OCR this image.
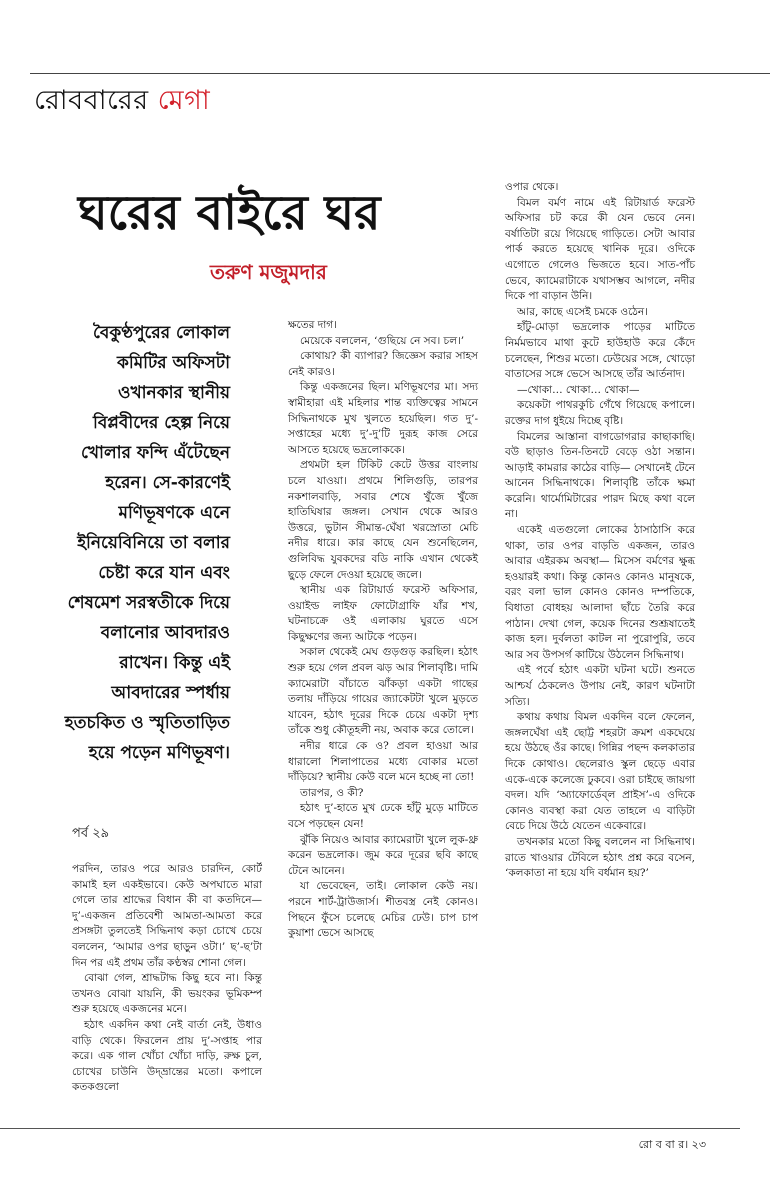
রোববারের মেগা
ঘরের বাইরে ঘর
তরুণ মজুমদার
বৈকুণ্ঠপুরের লোকাল কমিটির অফিসটা ওখানকার স্থানীয় বিপ্লবীদের হেল্প নিয়ে খোলার ফন্দি এঁটেছেন হরেন। সে-কারণেই মণিভূষণকে এনে ইনিয়েবিনিয়ে তা বলার চেষ্টা করে যান এবং শেষমেশ সরস্বতীকে দিয়ে বলানোর আবদারও রাখেন। কিন্তু এই আবদারের স্পর্ধায় হতচকিত ও স্মৃতিতাড়িত হয়ে পড়েন মণিভূষণ।
পর্ব ২৯

পরদিন, তারও পরে আরও চারদিন, কোর্ট কামাই হল একইভাবে। কেউ অপঘাতে মারা গেলে তার শ্রাদ্ধের বিধান কী বা কতদিনে— দু’-একজন প্রতিবেশী আমতা-আমতা করে প্রসঙ্গটা তুলতেই সিদ্ধিনাথ কড়া চোখে চেয়ে বললেন, ‘আমার ওপর ছাড়ুন ওটা।’ ছ’-ছ’টা দিন পর এই প্রথম তাঁর কণ্ঠস্বর শোনা গেল।

বোঝা গেল, শ্রাদ্ধটাদ্ধ কিছু হবে না। কিন্তু তখনও বোঝা যায়নি, কী ভয়ংকর ভূমিকম্প শুরু হয়েছে একজনের মনে।

হঠাৎ একদিন কথা নেই বার্তা নেই, উধাও বাড়ি থেকে। ফিরলেন প্রায় দু’-সপ্তাহ পার করে। এক গাল খোঁচা খোঁচা দাড়ি, রুক্ষ চুল, চোখের চাউনি উদ্‌ভ্রান্তের মতো। কপালে কতকগুলো

ক্ষতের দাগ।

মেয়েকে বললেন, ‘গুছিয়ে নে সব। চল।’

কোথায়? কী ব্যাপার? জিজ্ঞেস করার সাহস নেই কারও।

কিন্তু একজনের ছিল। মণিভূষণের মা। সদ্য স্বামীহারা এই মহিলার শান্ত ব্যক্তিত্বের সামনে সিদ্ধিনাথকে মুখ খুলতে হয়েছিল। গত দু’-সপ্তাহের মধ্যে দু’-দু’টি দুরূহ কাজ সেরে আসতে হয়েছে ভদ্রলোককে।

প্রথমটা হল টিকিট কেটে উত্তর বাংলায় চলে যাওয়া। প্রথমে শিলিগুড়ি, তারপর নকশালবাড়ি, সবার শেষে খুঁজে খুঁজে হাতিঘিষার জঙ্গল। সেখান থেকে আরও উত্তরে, ভুটান সীমান্ত-ঘেঁষা খরস্রোতা মেচি নদীর ধারে। কার কাছে যেন শুনেছিলেন, গুলিবিদ্ধ যুবকদের বডি নাকি এখান থেকেই ছুড়ে ফেলে দেওয়া হয়েছে জলে।

স্থানীয় এক রিটায়ার্ড ফরেস্ট অফিসার, ওয়াইল্ড লাইফ ফোটোগ্রাফি যাঁর শখ, ঘটনাচক্রে ওই এলাকায় ঘুরতে এসে কিছুক্ষণের জন্য আটকে পড়েন।

সকাল থেকেই মেঘ গুড়গুড় করছিল। হঠাৎ শুরু হয়ে গেল প্রবল ঝড় আর শিলাবৃষ্টি। দামি ক্যামেরাটা বাঁচাতে ঝাঁকড়া একটা গাছের তলায় দাঁড়িয়ে গায়ের জ্যাকেটটা খুলে মুড়তে যাবেন, হঠাৎ দূরের দিকে চেয়ে একটা দৃশ্য তাঁকে শুধু কৌতূহলী নয়, অবাক করে তোলে।

নদীর ধারে কে ও? প্রবল হাওয়া আর ধারালো শিলাপাতের মধ্যে বোকার মতো দাঁড়িয়ে? স্থানীয় কেউ বলে মনে হচ্ছে না তো!

তারপর, ও কী?

হঠাৎ দু’-হাতে মুখ ঢেকে হাঁটু মুড়ে মাটিতে বসে পড়ছেন যেন!

ঝুঁকি নিয়েও আবার ক্যামেরাটা খুলে লুক-থ্রু করেন ভদ্রলোক। জুম করে দূরের ছবি কাছে টেনে আনেন।

যা ভেবেছেন, তাই। লোকাল কেউ নয়। পরনে শার্ট-ট্রাউজার্স। শীতবস্ত্র নেই কোনও। পিছনে ফুঁসে চলেছে মেচির ঢেউ। চাপ চাপ কুয়াশা ভেসে আসছে

ওপার থেকে।

বিমল বর্মণ নামে এই রিটায়ার্ড ফরেস্ট অফিসার চট করে কী যেন ভেবে নেন। বর্ষাতিটা রয়ে গিয়েছে গাড়িতে। সেটা আবার পার্ক করতে হয়েছে খানিক দূরে। ওদিকে এগোতে গেলেও ভিজতে হবে। সাত-পাঁচ ভেবে, ক্যামেরাটাকে যথাসম্ভব আগলে, নদীর দিকে পা বাড়ান উনি।

আর, কাছে এসেই চমকে ওঠেন।

হাঁটু-মোড়া ভদ্রলোক পাড়ের মাটিতে নির্মমভাবে মাথা কুটে হাউহাউ করে কেঁদে চলেছেন, শিশুর মতো। ঢেউয়ের সঙ্গে, খোড়ো বাতাসের সঙ্গে ভেসে আসছে তাঁর আর্তনাদ।

—খোকা… খোকা… খোকা—

কয়েকটা পাথরকুচি গেঁথে গিয়েছে কপালে। রক্তের দাগ ধুইয়ে দিচ্ছে বৃষ্টি।

বিমলের আস্তানা বাগডোগরার কাছাকাছি। বউ ছাড়াও তিন-তিনটে বেড়ে ওঠা সন্তান। আড়াই কামরার কাঠের বাড়ি— সেখানেই টেনে আনেন সিদ্ধিনাথকে। শিলাবৃষ্টি তাঁকে ক্ষমা করেনি। থার্মোমিটারের পারদ মিছে কথা বলে না।

একেই এতগুলো লোকের ঠাসাঠাসি করে থাকা, তার ওপর বাড়তি একজন, তারও আবার এইরকম অবস্থা— মিসেস বর্মণের ক্ষুব্ধ হওয়ারই কথা। কিন্তু কোনও কোনও মানুষকে, বরং বলা ভাল কোনও কোনও দম্পতিকে, বিধাতা বোধহয় আলাদা ছাঁচে তৈরি করে পাঠান। দেখা গেল, কয়েক দিনের শুশ্রূষাতেই কাজ হল। দুর্বলতা কাটল না পুরোপুরি, তবে আর সব উপসর্গ কাটিয়ে উঠলেন সিদ্ধিনাথ।

এই পর্বে হঠাৎ একটা ঘটনা ঘটে। শুনতে আশ্চর্য ঠেকলেও উপায় নেই, কারণ ঘটনাটা সত্যি।

কথায় কথায় বিমল একদিন বলে ফেলেন, জঙ্গলঘেঁষা এই ছোট্ট শহরটা ক্রমশ একঘেয়ে হয়ে উঠছে ওঁর কাছে। গিন্নির পছন্দ কলকাতার দিকে কোথাও। ছেলেরাও স্কুল ছেড়ে এবার একে-একে কলেজে ঢুকবে। ওরা চাইছে জায়গা বদল। যদি ‘অ্যাফোর্ডেব্‌ল প্রাইস’-এ ওদিকে কোনও ব্যবস্থা করা যেত তাহলে এ বাড়িটা বেচে দিয়ে উঠে যেতেন একেবারে।

তখনকার মতো কিছু বললেন না সিদ্ধিনাথ। রাতে খাওয়ার টেবিলে হঠাৎ প্রশ্ন করে বসেন, ‘কলকাতা না হয়ে যদি বর্ধমান হয়?’

রো ব বা র। ২৩
